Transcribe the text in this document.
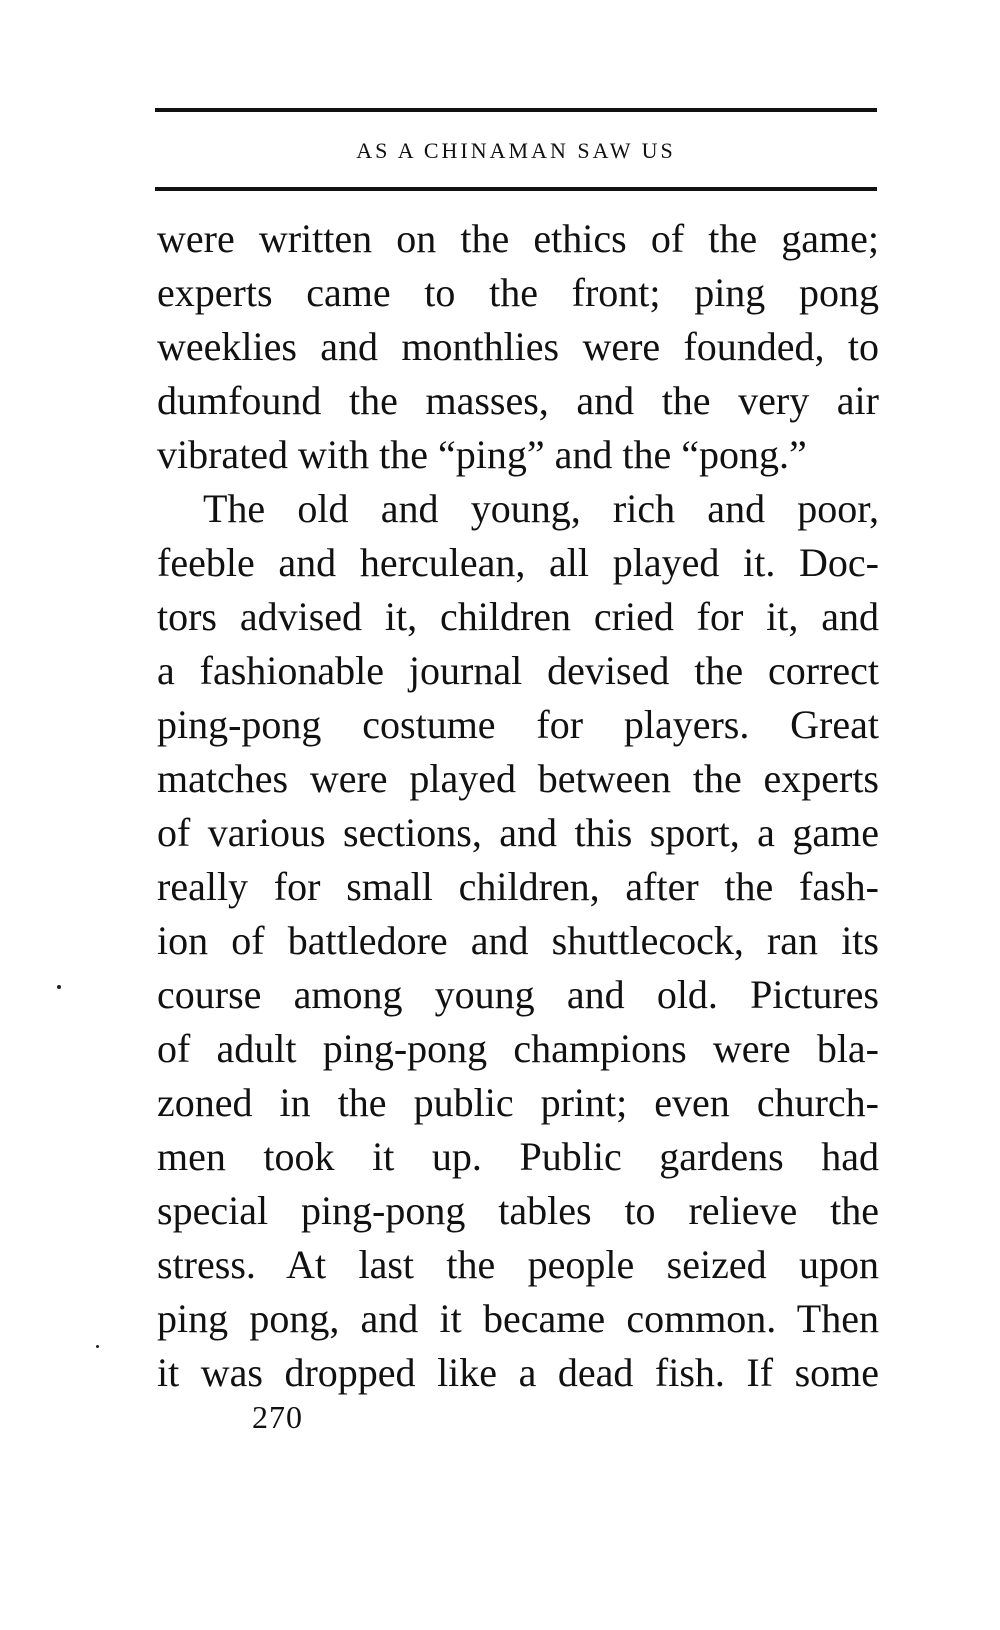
AS A CHINAMAN SAW US
were written on the ethics of the game;
experts came to the front; ping pong
weeklies and monthlies were founded, to
dumfound the masses, and the very air
vibrated with the “ping” and the “pong.”
The old and young, rich and poor,
feeble and herculean, all played it. Doc-
tors advised it, children cried for it, and
a fashionable journal devised the correct
ping-pong costume for players. Great
matches were played between the experts
of various sections, and this sport, a game
really for small children, after the fash-
ion of battledore and shuttlecock, ran its
course among young and old. Pictures
of adult ping-pong champions were bla-
zoned in the public print; even church-
men took it up. Public gardens had
special ping-pong tables to relieve the
stress. At last the people seized upon
ping pong, and it became common. Then
it was dropped like a dead fish. If some
270
